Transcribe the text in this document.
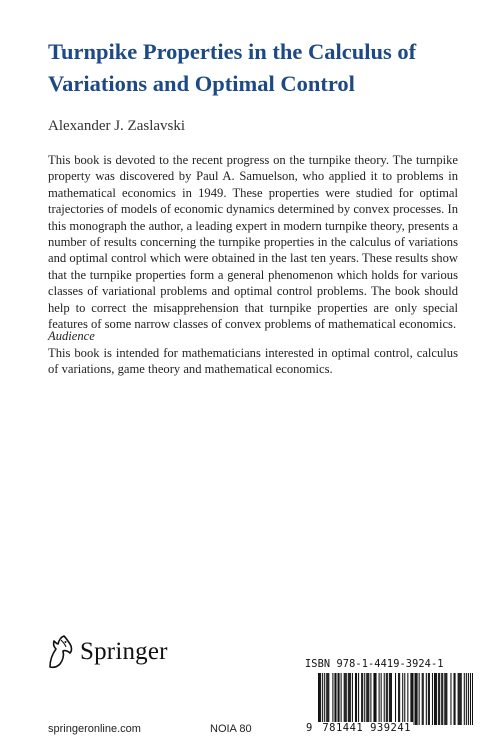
Turnpike Properties in the Calculus of Variations and Optimal Control
Alexander J. Zaslavski

This book is devoted to the recent progress on the turnpike theory. The turnpike property was discovered by Paul A. Samuelson, who applied it to problems in mathematical economics in 1949. These properties were studied for optimal trajectories of models of economic dynamics determined by convex processes. In this monograph the author, a leading expert in modern turnpike theory, presents a number of results concerning the turnpike properties in the calculus of variations and optimal control which were obtained in the last ten years. These results show that the turnpike properties form a general phenomenon which holds for various classes of variational problems and optimal control problems. The book should help to correct the misapprehension that turnpike properties are only special features of some narrow classes of convex problems of mathematical economics.

Audience

This book is intended for mathematicians interested in optimal control, calculus of variations, game theory and mathematical economics.

Springer	ISBN 978-1-4419-3924-1
9 781441 939241
springeronline.com	NOIA 80
